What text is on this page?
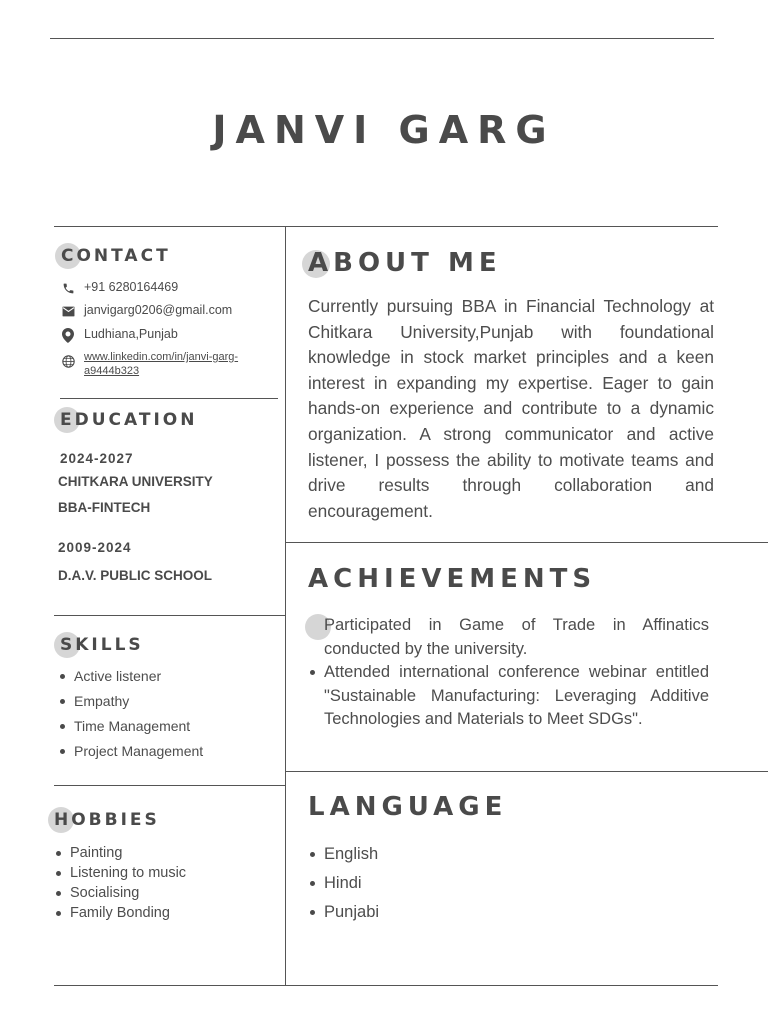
JANVI GARG
CONTACT
+91 6280164469
janvigarg0206@gmail.com
Ludhiana,Punjab
www.linkedin.com/in/janvi-garg-
a9444b323
EDUCATION
2024-2027
CHITKARA UNIVERSITY
BBA-FINTECH
2009-2024
D.A.V. PUBLIC SCHOOL
SKILLS
Active listener
Empathy
Time Management
Project Management
HOBBIES
Painting
Listening to music
Socialising
Family Bonding
ABOUT ME
Currently pursuing BBA in Financial Technology at Chitkara University,Punjab with foundational knowledge in stock market principles and a keen interest in expanding my expertise. Eager to gain hands-on experience and contribute to a dynamic organization. A strong communicator and active listener, I possess the ability to motivate teams and drive results through collaboration and encouragement.
ACHIEVEMENTS
Participated in Game of Trade in Affinatics conducted by the university.
Attended international conference webinar entitled "Sustainable Manufacturing: Leveraging Additive Technologies and Materials to Meet SDGs".
LANGUAGE
English
Hindi
Punjabi
